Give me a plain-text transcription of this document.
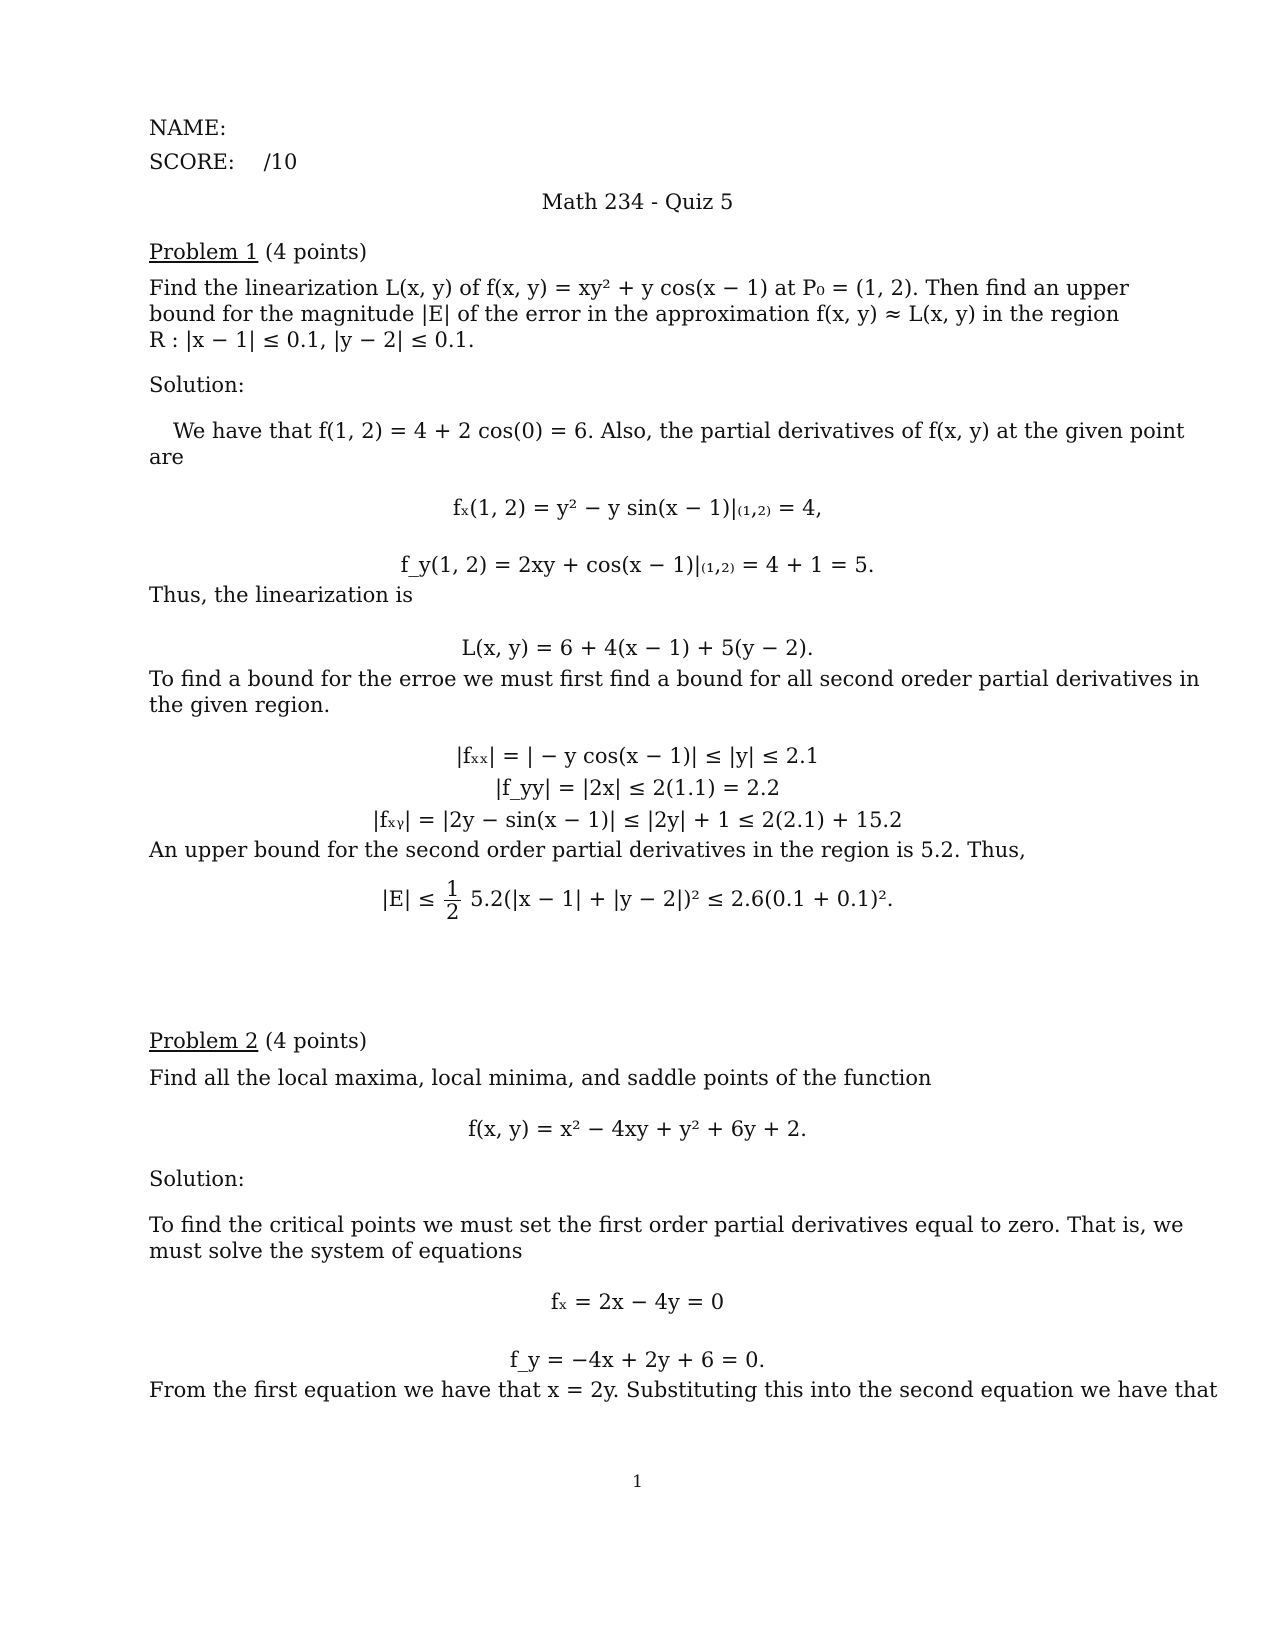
NAME:
SCORE: /10
Math 234 - Quiz 5
Problem 1 (4 points)
Find the linearization L(x, y) of f(x, y) = xy² + y cos(x − 1) at P₀ = (1, 2). Then find an upper
bound for the magnitude |E| of the error in the approximation f(x, y) ≈ L(x, y) in the region
R : |x − 1| ≤ 0.1, |y − 2| ≤ 0.1.
Solution:
We have that f(1, 2) = 4 + 2 cos(0) = 6. Also, the partial derivatives of f(x, y) at the given point
are
fₓ(1, 2) = y² − y sin(x − 1)|₍₁,₂₎ = 4,
f_y(1, 2) = 2xy + cos(x − 1)|₍₁,₂₎ = 4 + 1 = 5.
Thus, the linearization is
L(x, y) = 6 + 4(x − 1) + 5(y − 2).
To find a bound for the erroe we must first find a bound for all second oreder partial derivatives in
the given region.
|fₓₓ| = | − y cos(x − 1)| ≤ |y| ≤ 2.1
|f_yy| = |2x| ≤ 2(1.1) = 2.2
|fₓᵧ| = |2y − sin(x − 1)| ≤ |2y| + 1 ≤ 2(2.1) + 15.2
An upper bound for the second order partial derivatives in the region is 5.2. Thus,
$|E| \le \frac{1}{2} 5.2(|x - 1| + |y - 2|)^2 \le 2.6(0.1 + 0.1)^2$.
Problem 2 (4 points)
Find all the local maxima, local minima, and saddle points of the function
f(x, y) = x² − 4xy + y² + 6y + 2.
Solution:
To find the critical points we must set the first order partial derivatives equal to zero. That is, we
must solve the system of equations
fₓ = 2x − 4y = 0
f_y = −4x + 2y + 6 = 0.
From the first equation we have that x = 2y. Substituting this into the second equation we have that
1
